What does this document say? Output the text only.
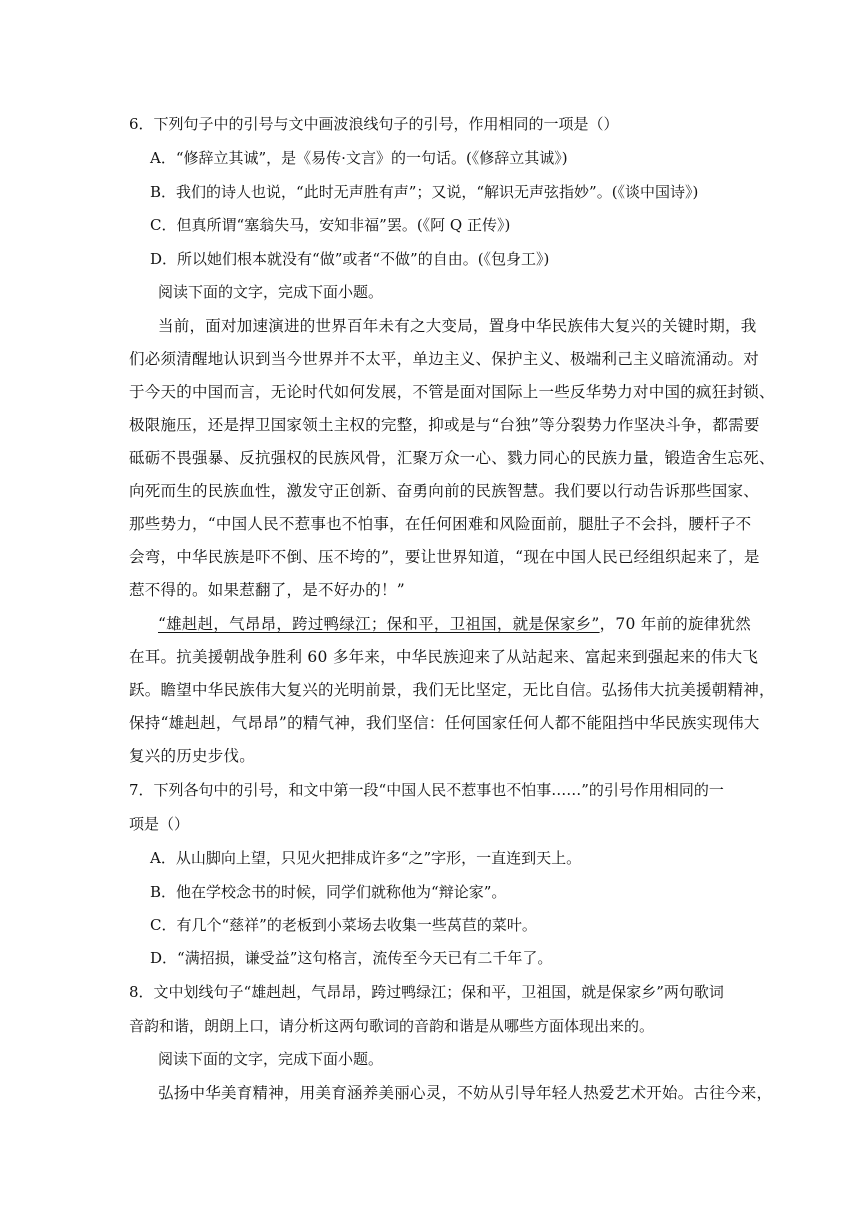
6．下列句子中的引号与文中画波浪线句子的引号，作用相同的一项是（）
A．“修辞立其诚”，是《易传·文言》的一句话。(《修辞立其诚》)
B．我们的诗人也说，“此时无声胜有声”；又说，“解识无声弦指妙”。(《谈中国诗》)
C．但真所谓“塞翁失马，安知非福”罢。(《阿 Q 正传》)
D．所以她们根本就没有“做”或者“不做”的自由。(《包身工》)
阅读下面的文字，完成下面小题。
当前，面对加速演进的世界百年未有之大变局，置身中华民族伟大复兴的关键时期，我
们必须清醒地认识到当今世界并不太平，单边主义、保护主义、极端利己主义暗流涌动。对
于今天的中国而言，无论时代如何发展，不管是面对国际上一些反华势力对中国的疯狂封锁、
极限施压，还是捍卫国家领土主权的完整，抑或是与“台独”等分裂势力作坚决斗争，都需要
砥砺不畏强暴、反抗强权的民族风骨，汇聚万众一心、戮力同心的民族力量，锻造舍生忘死、
向死而生的民族血性，激发守正创新、奋勇向前的民族智慧。我们要以行动告诉那些国家、
那些势力，“中国人民不惹事也不怕事，在任何困难和风险面前，腿肚子不会抖，腰杆子不
会弯，中华民族是吓不倒、压不垮的”，要让世界知道，“现在中国人民已经组织起来了，是
惹不得的。如果惹翻了，是不好办的！”
“雄赳赳，气昂昂，跨过鸭绿江；保和平，卫祖国，就是保家乡”，70 年前的旋律犹然
在耳。抗美援朝战争胜利 60 多年来，中华民族迎来了从站起来、富起来到强起来的伟大飞
跃。瞻望中华民族伟大复兴的光明前景，我们无比坚定，无比自信。弘扬伟大抗美援朝精神，
保持“雄赳赳，气昂昂”的精气神，我们坚信：任何国家任何人都不能阻挡中华民族实现伟大
复兴的历史步伐。
7．下列各句中的引号，和文中第一段“中国人民不惹事也不怕事……”的引号作用相同的一
项是（）
A．从山脚向上望，只见火把排成许多“之”字形，一直连到天上。
B．他在学校念书的时候，同学们就称他为“辩论家”。
C．有几个“慈祥”的老板到小菜场去收集一些莴苣的菜叶。
D．“满招损，谦受益”这句格言，流传至今天已有二千年了。
8．文中划线句子“雄赳赳，气昂昂，跨过鸭绿江；保和平，卫祖国，就是保家乡”两句歌词
音韵和谐，朗朗上口，请分析这两句歌词的音韵和谐是从哪些方面体现出来的。
阅读下面的文字，完成下面小题。
弘扬中华美育精神，用美育涵养美丽心灵，不妨从引导年轻人热爱艺术开始。古往今来，
